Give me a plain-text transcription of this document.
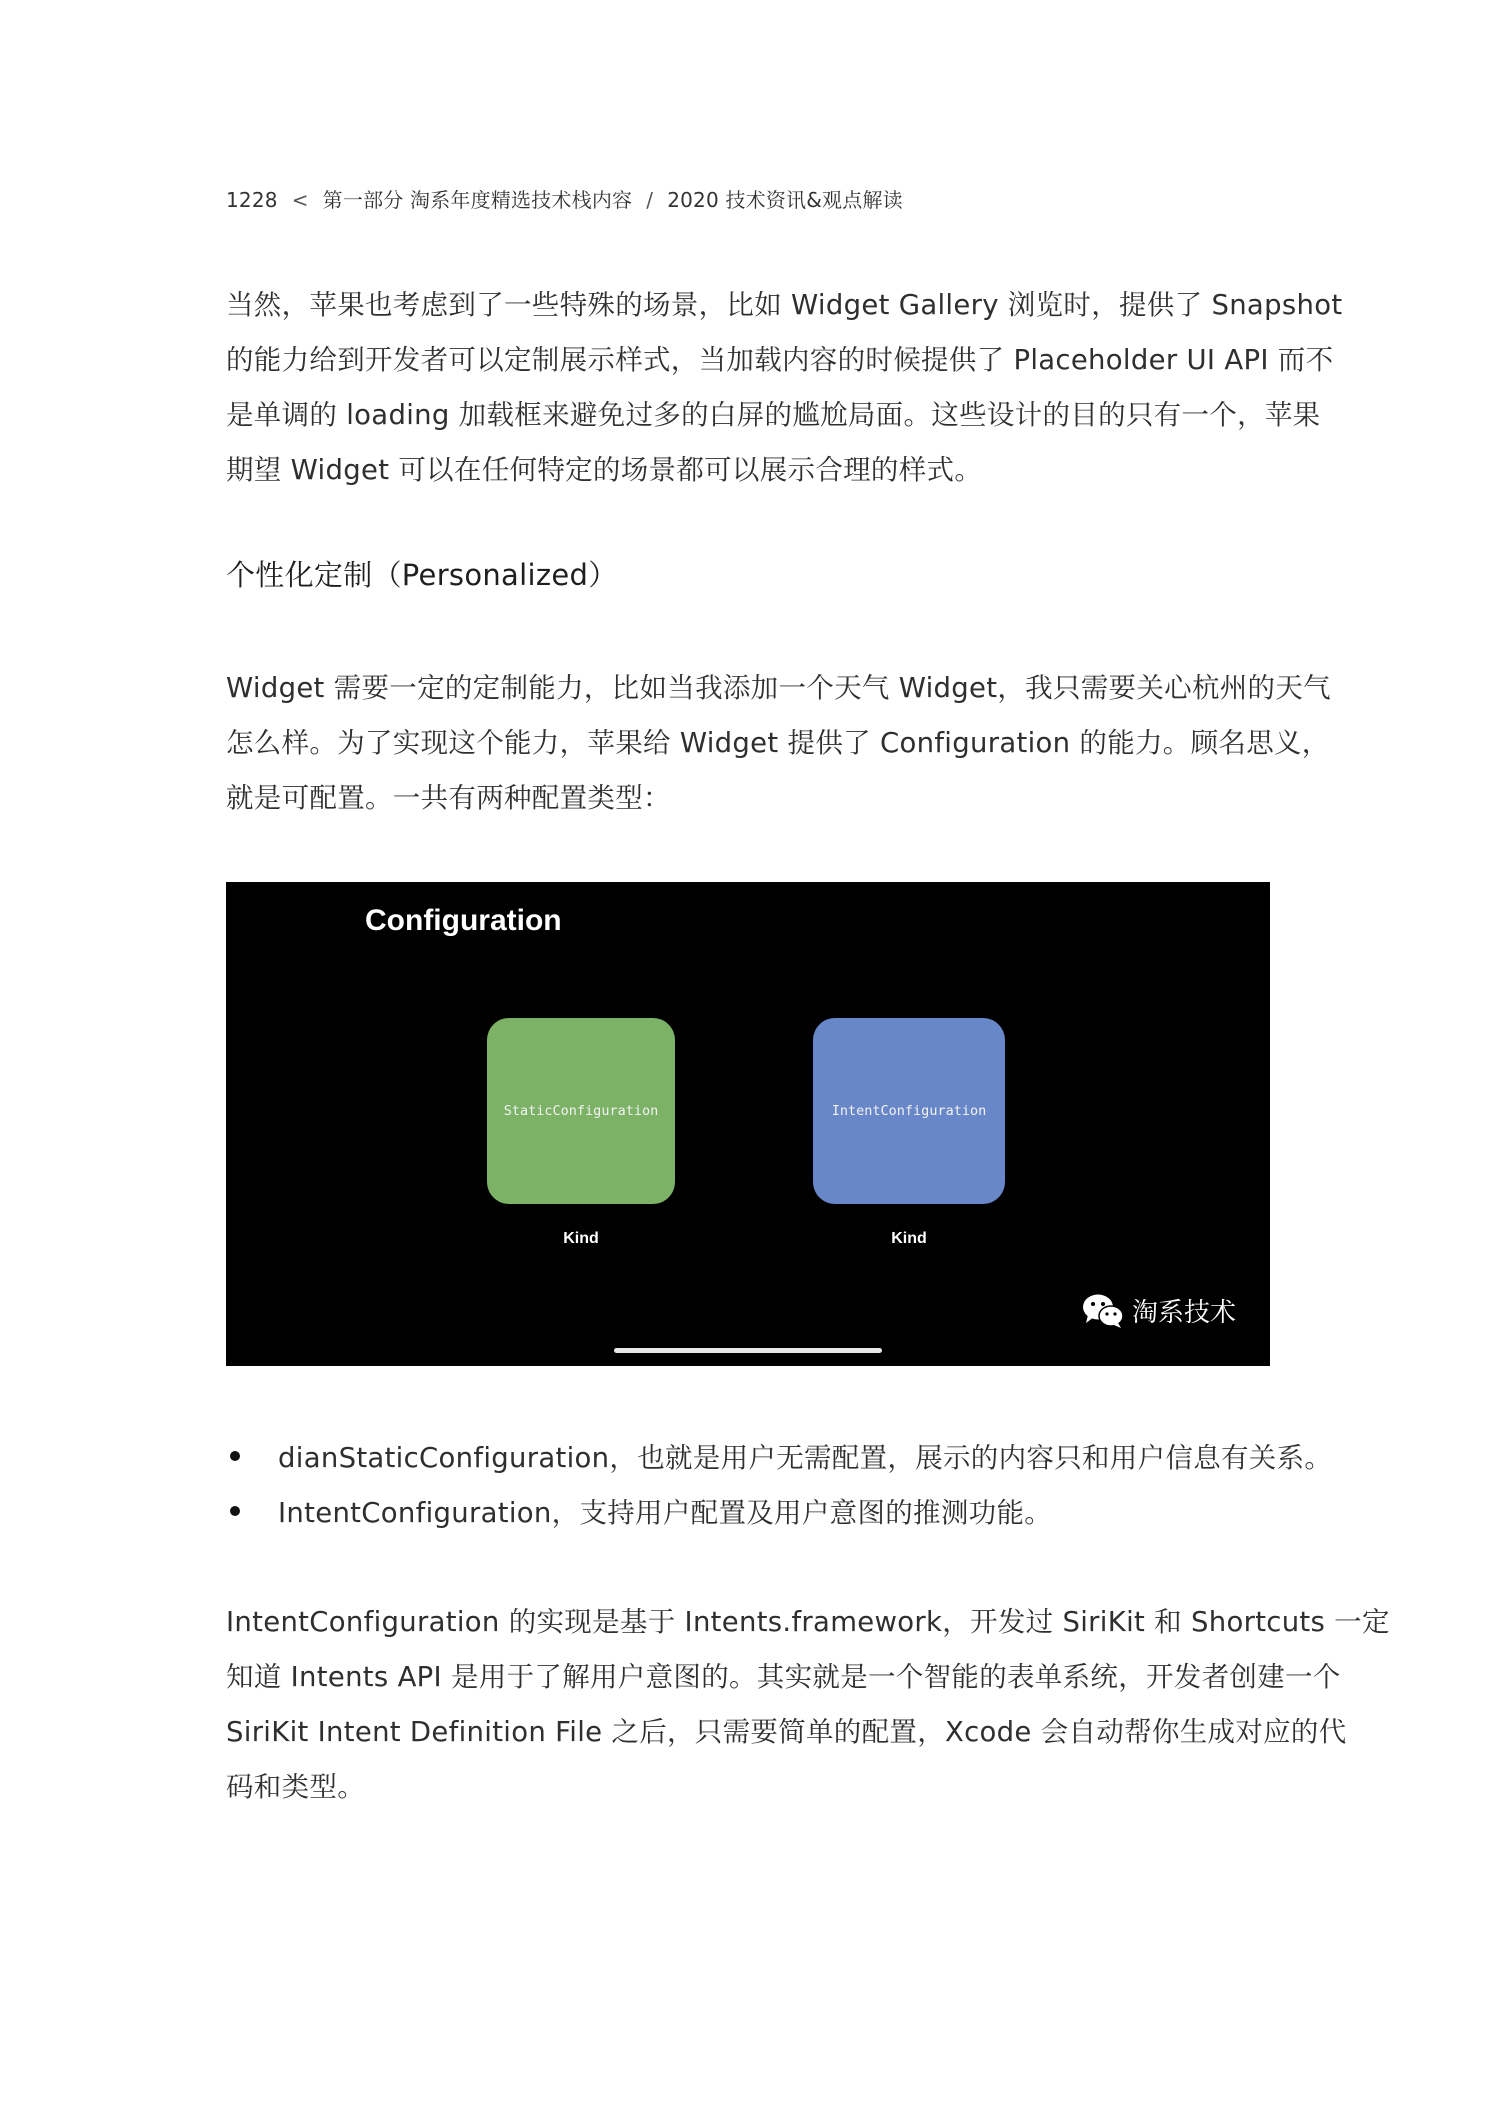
1228 < 第一部分 淘系年度精选技术栈内容 / 2020 技术资讯&观点解读

当然，苹果也考虑到了一些特殊的场景，比如 Widget Gallery 浏览时，提供了 Snapshot
的能力给到开发者可以定制展示样式，当加载内容的时候提供了 Placeholder UI API 而不
是单调的 loading 加载框来避免过多的白屏的尴尬局面。这些设计的目的只有一个，苹果
期望 Widget 可以在任何特定的场景都可以展示合理的样式。

个性化定制（Personalized）

Widget 需要一定的定制能力，比如当我添加一个天气 Widget，我只需要关心杭州的天气
怎么样。为了实现这个能力，苹果给 Widget 提供了 Configuration 的能力。顾名思义，
就是可配置。一共有两种配置类型：

Configuration
StaticConfiguration	IntentConfiguration
Kind	Kind
淘系技术
dianStaticConfiguration，也就是用户无需配置，展示的内容只和用户信息有关系。
IntentConfiguration，支持用户配置及用户意图的推测功能。

IntentConfiguration 的实现是基于 Intents.framework，开发过 SiriKit 和 Shortcuts 一定
知道 Intents API 是用于了解用户意图的。其实就是一个智能的表单系统，开发者创建一个
SiriKit Intent Definition File 之后，只需要简单的配置，Xcode 会自动帮你生成对应的代
码和类型。
